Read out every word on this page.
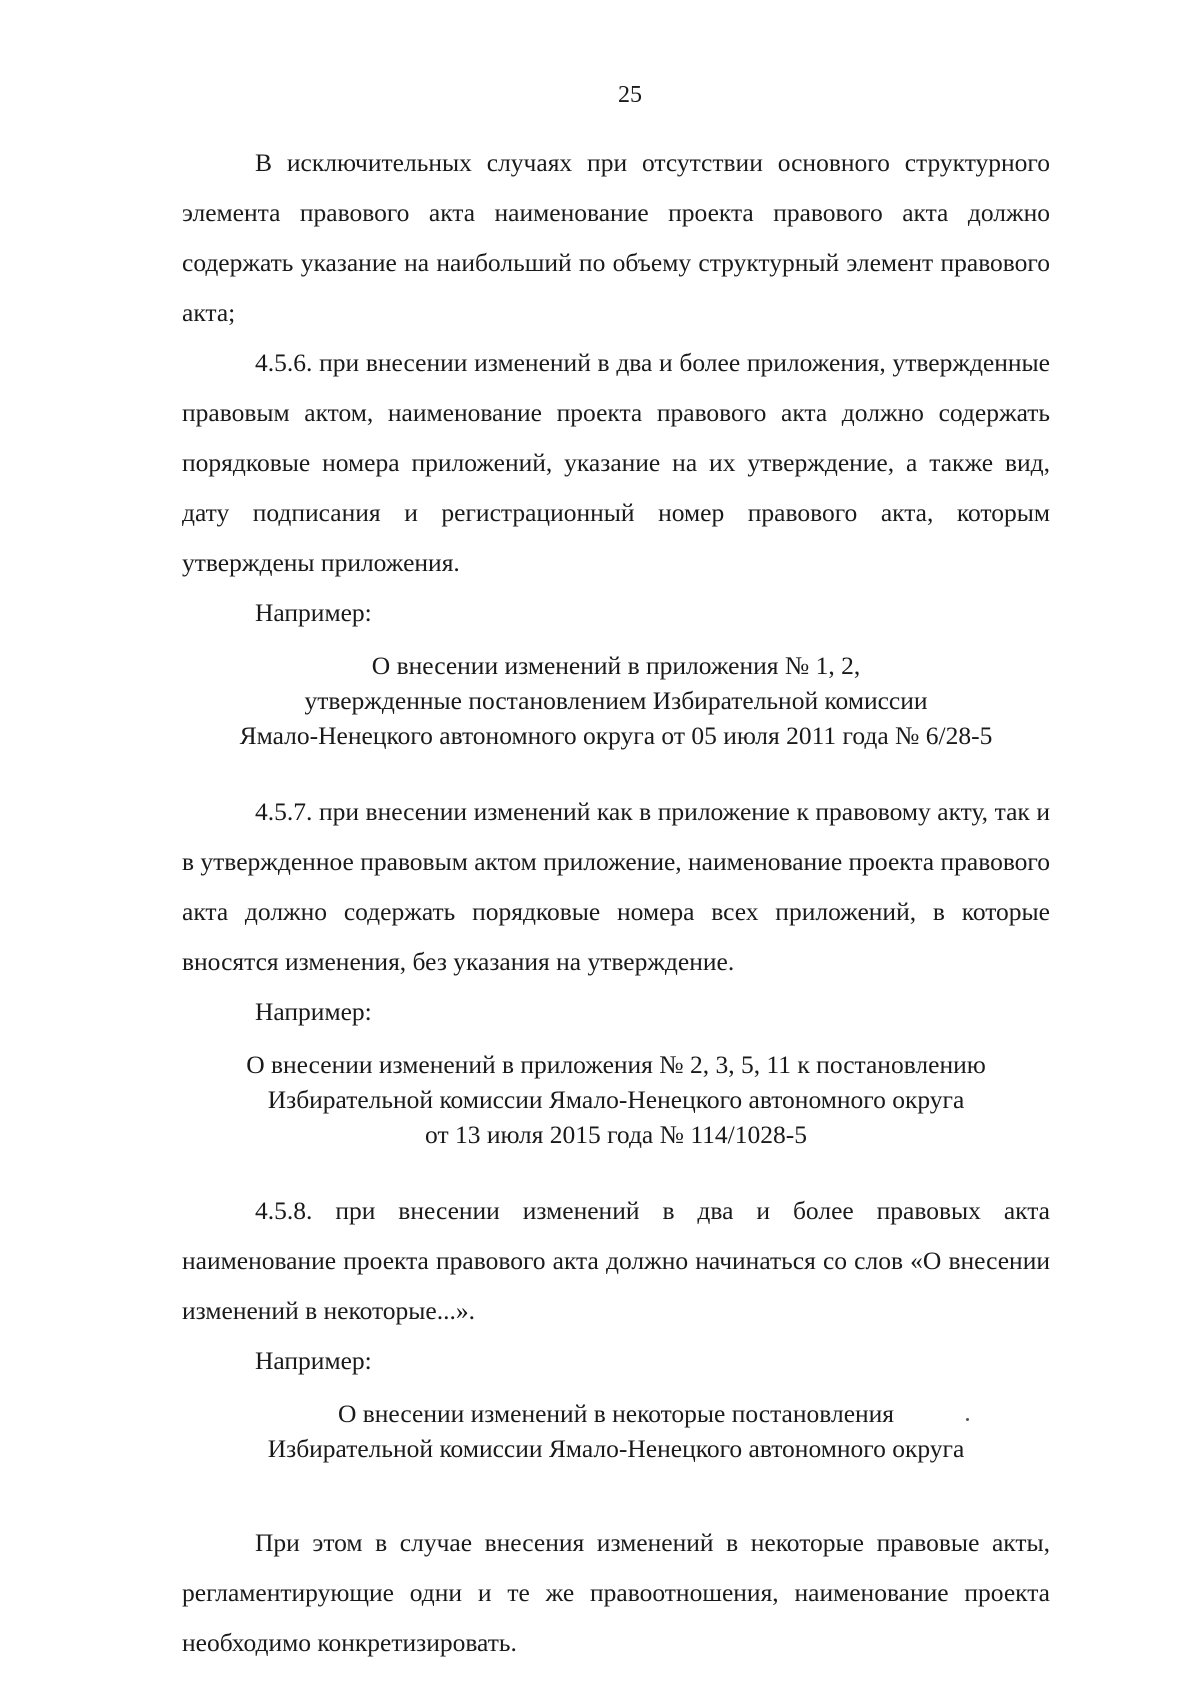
25

В исключительных случаях при отсутствии основного структурного элемента правового акта наименование проекта правового акта должно содержать указание на наибольший по объему структурный элемент правового акта;

4.5.6. при внесении изменений в два и более приложения, утвержденные правовым актом, наименование проекта правового акта должно содержать порядковые номера приложений, указание на их утверждение, а также вид, дату подписания и регистрационный номер правового акта, которым утверждены приложения.

Например:

О внесении изменений в приложения № 1, 2,
утвержденные постановлением Избирательной комиссии
Ямало-Ненецкого автономного округа от 05 июля 2011 года № 6/28-5

4.5.7. при внесении изменений как в приложение к правовому акту, так и в утвержденное правовым актом приложение, наименование проекта правового акта должно содержать порядковые номера всех приложений, в которые вносятся изменения, без указания на утверждение.

Например:

О внесении изменений в приложения № 2, 3, 5, 11 к постановлению
Избирательной комиссии Ямало-Ненецкого автономного округа
от 13 июля 2015 года № 114/1028-5

4.5.8. при внесении изменений в два и более правовых акта наименование проекта правового акта должно начинаться со слов «О внесении изменений в некоторые...».

Например:

О внесении изменений в некоторые постановления
Избирательной комиссии Ямало-Ненецкого автономного округа

При этом в случае внесения изменений в некоторые правовые акты, регламентирующие одни и те же правоотношения, наименование проекта необходимо конкретизировать.
